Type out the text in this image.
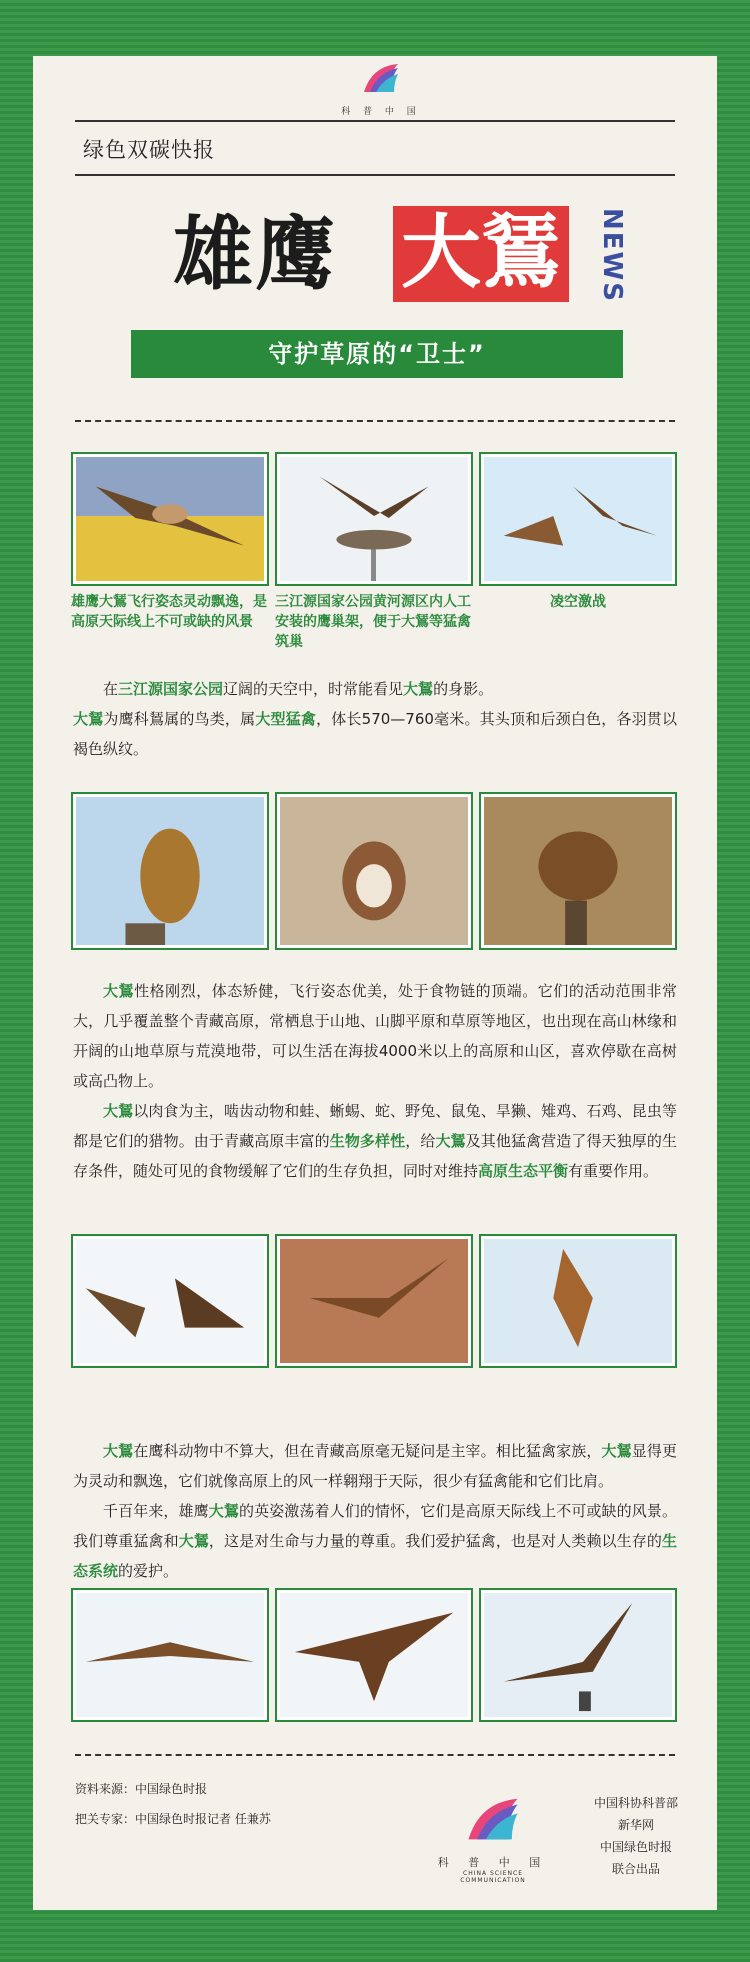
科 普 中 国
绿色双碳快报
雄鹰 大鵟	NEWS
守护草原的“卫士”
雄鹰大鵟飞行姿态灵动飘逸，是高原天际线上不可或缺的风景
三江源国家公园黄河源区内人工安装的鹰巢架，便于大鵟等猛禽筑巢
凌空激战

在三江源国家公园辽阔的天空中，时常能看见大鵟的身影。

大鵟为鹰科鵟属的鸟类，属大型猛禽，体长570—760毫米。其头顶和后颈白色，各羽贯以褐色纵纹。

大鵟性格刚烈，体态矫健，飞行姿态优美，处于食物链的顶端。它们的活动范围非常大，几乎覆盖整个青藏高原，常栖息于山地、山脚平原和草原等地区，也出现在高山林缘和开阔的山地草原与荒漠地带，可以生活在海拔4000米以上的高原和山区，喜欢停歇在高树或高凸物上。

大鵟以肉食为主，啮齿动物和蛙、蜥蜴、蛇、野兔、鼠兔、旱獭、雉鸡、石鸡、昆虫等都是它们的猎物。由于青藏高原丰富的生物多样性，给大鵟及其他猛禽营造了得天独厚的生存条件，随处可见的食物缓解了它们的生存负担，同时对维持高原生态平衡有重要作用。

大鵟在鹰科动物中不算大，但在青藏高原毫无疑问是主宰。相比猛禽家族，大鵟显得更为灵动和飘逸，它们就像高原上的风一样翱翔于天际，很少有猛禽能和它们比肩。

千百年来，雄鹰大鵟的英姿激荡着人们的情怀，它们是高原天际线上不可或缺的风景。我们尊重猛禽和大鵟，这是对生命与力量的尊重。我们爱护猛禽，也是对人类赖以生存的生态系统的爱护。

资料来源：中国绿色时报
把关专家：中国绿色时报记者 任兼苏
科 普 中 国
CHINA SCIENCE COMMUNICATION
中国科协科普部
新华网
中国绿色时报
联合出品
